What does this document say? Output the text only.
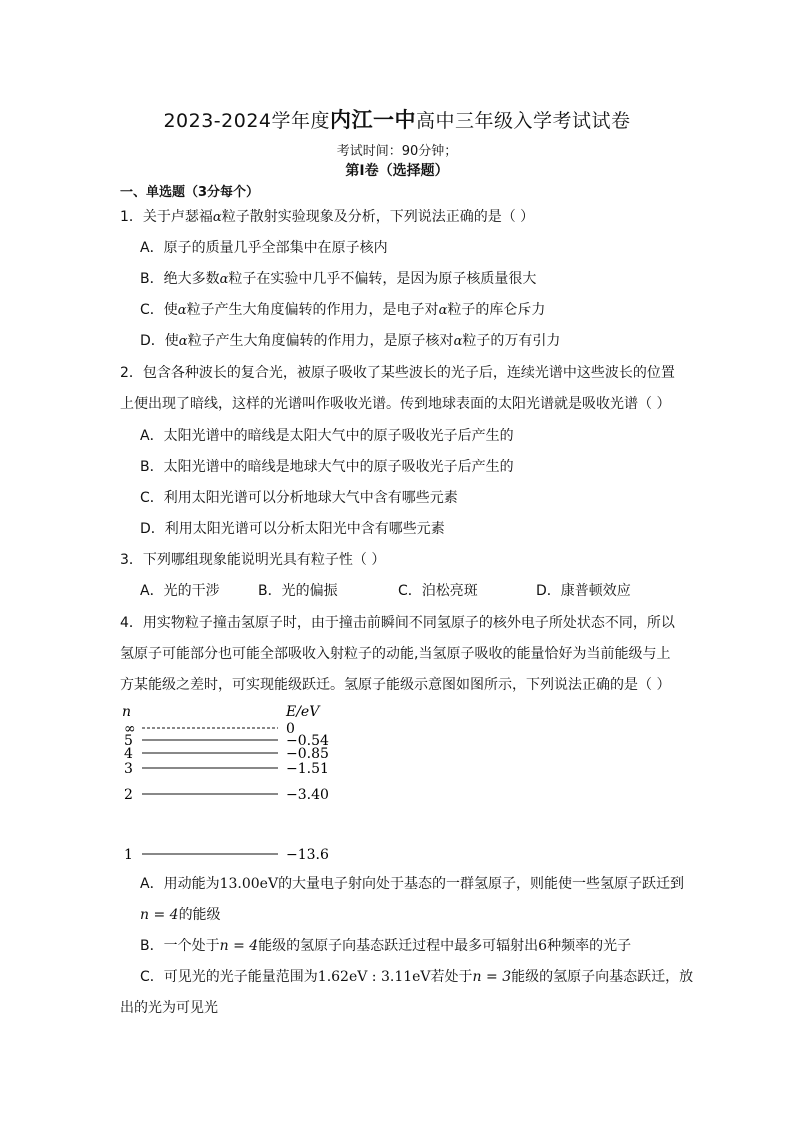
2023-2024学年度内江一中高中三年级入学考试试卷
考试时间：90分钟；
第I卷（选择题）
一、单选题（3分每个）
1．关于卢瑟福α粒子散射实验现象及分析，下列说法正确的是（ ）
A．原子的质量几乎全部集中在原子核内
B．绝大多数α粒子在实验中几乎不偏转，是因为原子核质量很大
C．使α粒子产生大角度偏转的作用力，是电子对α粒子的库仑斥力
D．使α粒子产生大角度偏转的作用力，是原子核对α粒子的万有引力
2．包含各种波长的复合光，被原子吸收了某些波长的光子后，连续光谱中这些波长的位置
上便出现了暗线，这样的光谱叫作吸收光谱。传到地球表面的太阳光谱就是吸收光谱（ ）
A．太阳光谱中的暗线是太阳大气中的原子吸收光子后产生的
B．太阳光谱中的暗线是地球大气中的原子吸收光子后产生的
C．利用太阳光谱可以分析地球大气中含有哪些元素
D．利用太阳光谱可以分析太阳光中含有哪些元素
3．下列哪组现象能说明光具有粒子性（ ）
A．光的干涉	B．光的偏振	C．泊松亮斑	D．康普顿效应
4．用实物粒子撞击氢原子时，由于撞击前瞬间不同氢原子的核外电子所处状态不同，所以
氢原子可能部分也可能全部吸收入射粒子的动能,当氢原子吸收的能量恰好为当前能级与上
方某能级之差时，可实现能级跃迁。氢原子能级示意图如图所示，下列说法正确的是（ ）
n	E/eV
∞	0
5	−0.54
4	−0.85
3	−1.51
2	−3.40
1	−13.6
A．用动能为13.00eV的大量电子射向处于基态的一群氢原子，则能使一些氢原子跃迁到
n = 4的能级
B．一个处于n = 4能级的氢原子向基态跃迁过程中最多可辐射出6种频率的光子
C．可见光的光子能量范围为1.62eV : 3.11eV若处于n = 3能级的氢原子向基态跃迁，放
出的光为可见光
